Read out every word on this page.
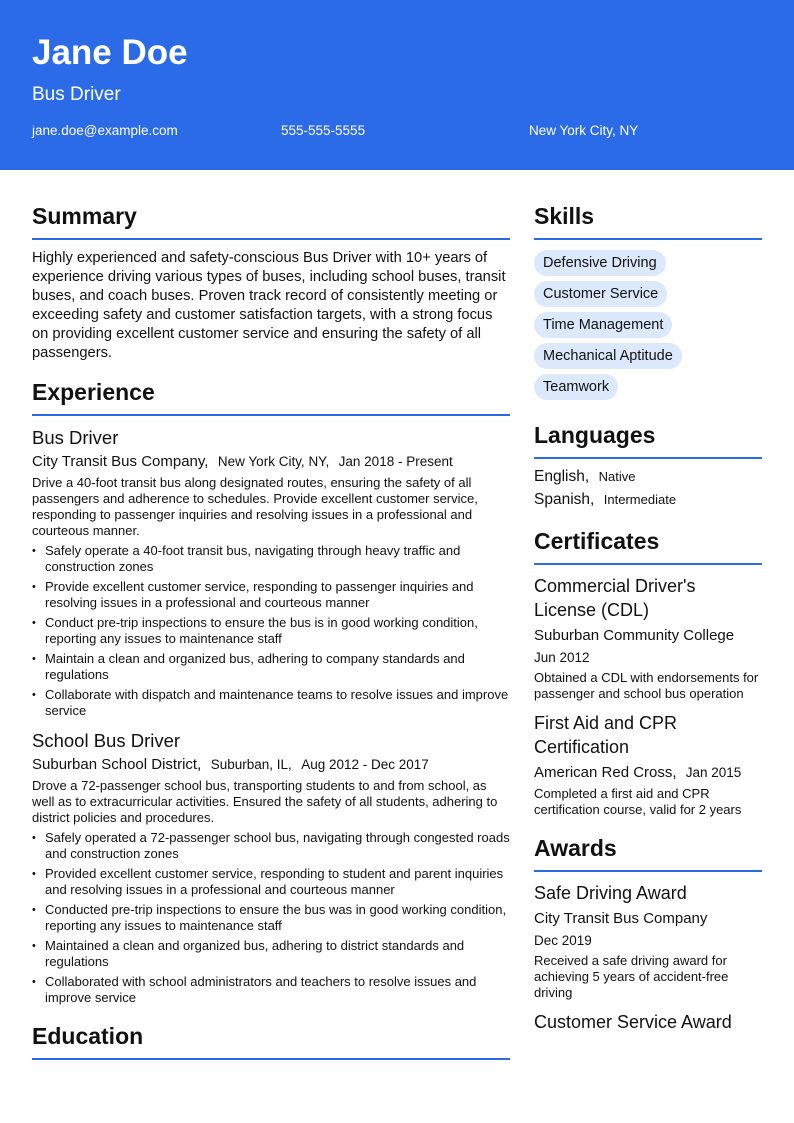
Jane Doe
Bus Driver
jane.doe@example.com	555-555-5555	New York City, NY
Summary
Highly experienced and safety-conscious Bus Driver with 10+ years of experience driving various types of buses, including school buses, transit buses, and coach buses. Proven track record of consistently meeting or exceeding safety and customer satisfaction targets, with a strong focus on providing excellent customer service and ensuring the safety of all passengers.
Experience
Bus Driver
City Transit Bus Company, New York City, NY, Jan 2018 - Present
Drive a 40-foot transit bus along designated routes, ensuring the safety of all passengers and adherence to schedules. Provide excellent customer service, responding to passenger inquiries and resolving issues in a professional and courteous manner.
• Safely operate a 40-foot transit bus, navigating through heavy traffic and construction zones
• Provide excellent customer service, responding to passenger inquiries and resolving issues in a professional and courteous manner
• Conduct pre-trip inspections to ensure the bus is in good working condition, reporting any issues to maintenance staff
• Maintain a clean and organized bus, adhering to company standards and regulations
• Collaborate with dispatch and maintenance teams to resolve issues and improve service
School Bus Driver
Suburban School District, Suburban, IL, Aug 2012 - Dec 2017
Drove a 72-passenger school bus, transporting students to and from school, as well as to extracurricular activities. Ensured the safety of all students, adhering to district policies and procedures.
• Safely operated a 72-passenger school bus, navigating through congested roads and construction zones
• Provided excellent customer service, responding to student and parent inquiries and resolving issues in a professional and courteous manner
• Conducted pre-trip inspections to ensure the bus was in good working condition, reporting any issues to maintenance staff
• Maintained a clean and organized bus, adhering to district standards and regulations
• Collaborated with school administrators and teachers to resolve issues and improve service
Education
Skills
Defensive Driving
Customer Service
Time Management
Mechanical Aptitude
Teamwork
Languages
English, Native
Spanish, Intermediate
Certificates
Commercial Driver's License (CDL)
Suburban Community College
Jun 2012
Obtained a CDL with endorsements for passenger and school bus operation
First Aid and CPR Certification
American Red Cross, Jan 2015
Completed a first aid and CPR certification course, valid for 2 years
Awards
Safe Driving Award
City Transit Bus Company
Dec 2019
Received a safe driving award for achieving 5 years of accident-free driving
Customer Service Award
